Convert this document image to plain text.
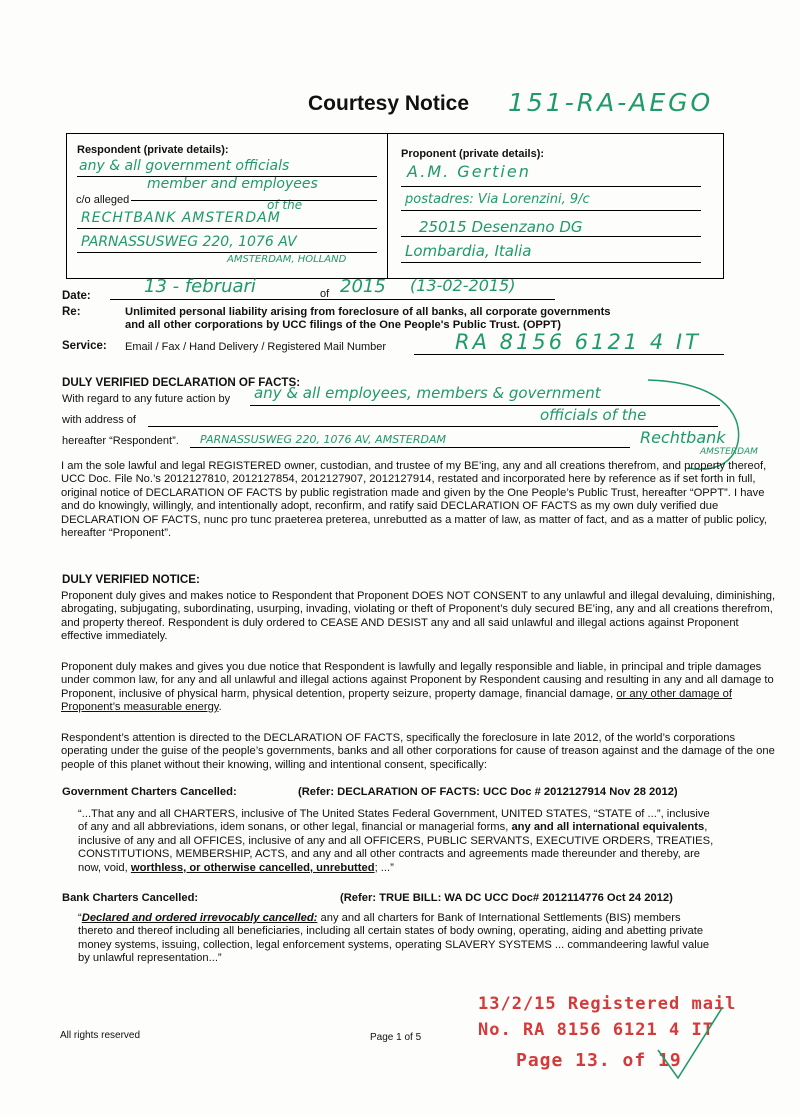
Courtesy Notice 151-RA-AEGO
Respondent (private details):
any & all government officials
c/o alleged
member and employees
of the
RECHTBANK AMSTERDAM
PARNASSUSWEG 220, 1076 AV
AMSTERDAM, HOLLAND
Proponent (private details):
A.M. Gertien
postadres: Via Lorenzini, 9/c
25015 Desenzano DG
Lombardia, Italia
Date:	13 - februari	of 2015 (13-02-2015)
Re:	Unlimited personal liability arising from foreclosure of all banks, all corporate governments
and all other corporations by UCC filings of the One People's Public Trust. (OPPT)
Service: Email / Fax / Hand Delivery / Registered Mail Number	RA 8156 6121 4 IT
DULY VERIFIED DECLARATION OF FACTS:
With regard to any future action by any & all employees, members & government
with address of	officials of the
hereafter “Respondent”. PARNASSUSWEG 220, 1076 AV, AMSTERDAM	Rechtbank
AMSTERDAM

I am the sole lawful and legal REGISTERED owner, custodian, and trustee of my BE’ing, any and all creations therefrom, and property thereof, UCC Doc. File No.’s 2012127810, 2012127854, 2012127907, 2012127914, restated and incorporated here by reference as if set forth in full, original notice of DECLARATION OF FACTS by public registration made and given by the One People’s Public Trust, hereafter “OPPT”. I have and do knowingly, willingly, and intentionally adopt, reconfirm, and ratify said DECLARATION OF FACTS as my own duly verified due DECLARATION OF FACTS, nunc pro tunc praeterea preterea, unrebutted as a matter of law, as matter of fact, and as a matter of public policy, hereafter “Proponent”.

DULY VERIFIED NOTICE:

Proponent duly gives and makes notice to Respondent that Proponent DOES NOT CONSENT to any unlawful and illegal devaluing, diminishing, abrogating, subjugating, subordinating, usurping, invading, violating or theft of Proponent’s duly secured BE’ing, any and all creations therefrom, and property thereof. Respondent is duly ordered to CEASE AND DESIST any and all said unlawful and illegal actions against Proponent effective immediately.

Proponent duly makes and gives you due notice that Respondent is lawfully and legally responsible and liable, in principal and triple damages under common law, for any and all unlawful and illegal actions against Proponent by Respondent causing and resulting in any and all damage to Proponent, inclusive of physical harm, physical detention, property seizure, property damage, financial damage, or any other damage of Proponent’s measurable energy.

Respondent’s attention is directed to the DECLARATION OF FACTS, specifically the foreclosure in late 2012, of the world’s corporations operating under the guise of the people’s governments, banks and all other corporations for cause of treason against and the damage of the one people of this planet without their knowing, willing and intentional consent, specifically:

Government Charters Cancelled:	(Refer: DECLARATION OF FACTS: UCC Doc # 2012127914 Nov 28 2012)

“...That any and all CHARTERS, inclusive of The United States Federal Government, UNITED STATES, “STATE of ...”, inclusive of any and all abbreviations, idem sonans, or other legal, financial or managerial forms, any and all international equivalents, inclusive of any and all OFFICES, inclusive of any and all OFFICERS, PUBLIC SERVANTS, EXECUTIVE ORDERS, TREATIES, CONSTITUTIONS, MEMBERSHIP, ACTS, and any and all other contracts and agreements made thereunder and thereby, are now, void, worthless, or otherwise cancelled, unrebutted; ...”

Bank Charters Cancelled:	(Refer: TRUE BILL: WA DC UCC Doc# 2012114776 Oct 24 2012)

“Declared and ordered irrevocably cancelled: any and all charters for Bank of International Settlements (BIS) members thereto and thereof including all beneficiaries, including all certain states of body owning, operating, aiding and abetting private money systems, issuing, collection, legal enforcement systems, operating SLAVERY SYSTEMS ... commandeering lawful value by unlawful representation...”

All rights reserved	Page 1 of 5
13/2/15 Registered mail
No. RA 8156 6121 4 IT
Page 13. of 19
